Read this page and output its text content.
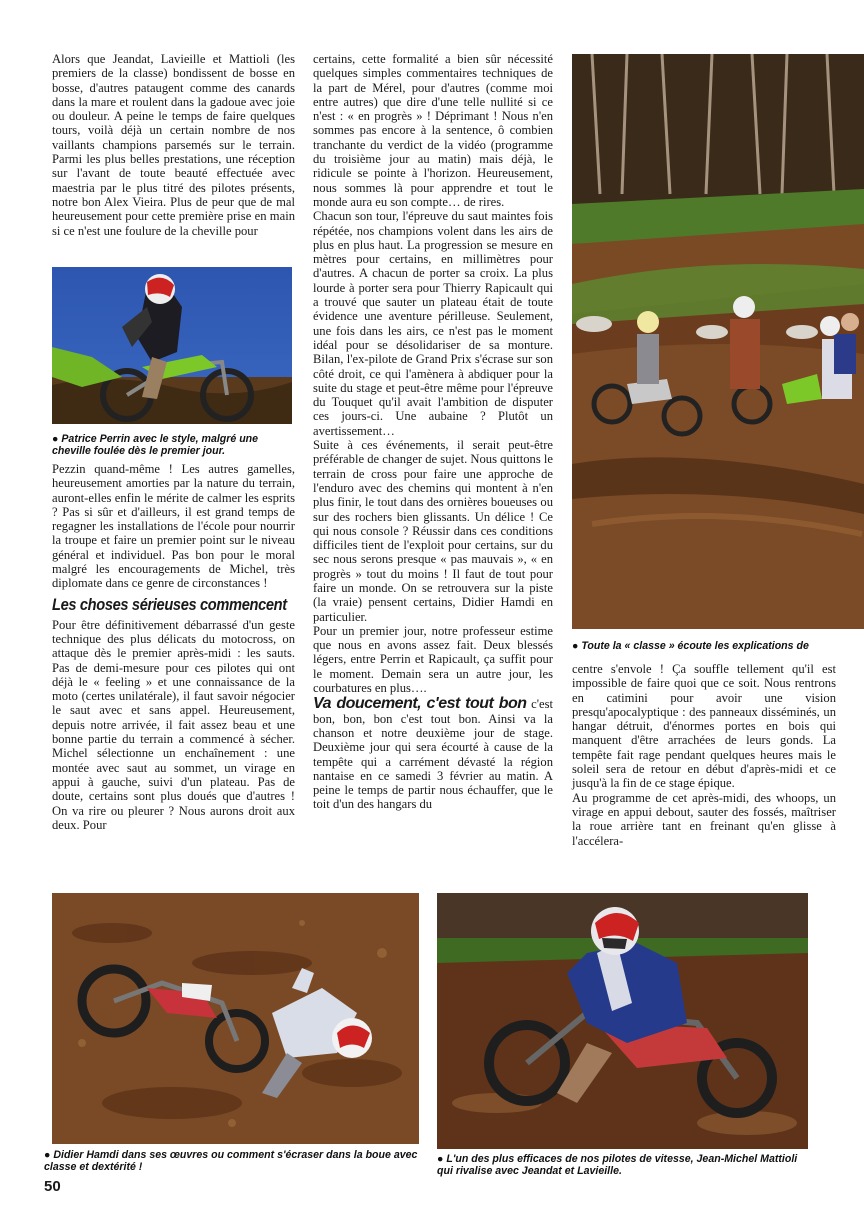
Alors que Jeandat, Lavieille et Mattioli (les premiers de la classe) bondissent de bosse en bosse, d'autres pataugent comme des canards dans la mare et roulent dans la gadoue avec joie ou douleur. A peine le temps de faire quelques tours, voilà déjà un certain nombre de nos vaillants champions parsemés sur le terrain. Parmi les plus belles prestations, une réception sur l'avant de toute beauté effectuée avec maestria par le plus titré des pilotes présents, notre bon Alex Vieira. Plus de peur que de mal heureusement pour cette première prise en main si ce n'est une foulure de la cheville pour

● Patrice Perrin avec le style, malgré une cheville foulée dès le premier jour.

Pezzin quand-même ! Les autres gamelles, heureusement amorties par la nature du terrain, auront-elles enfin le mérite de calmer les esprits ? Pas si sûr et d'ailleurs, il est grand temps de regagner les installations de l'école pour nourrir la troupe et faire un premier point sur le niveau général et individuel. Pas bon pour le moral malgré les encouragements de Michel, très diplomate dans ce genre de circonstances !

Les choses sérieuses commencent

Pour être définitivement débarrassé d'un geste technique des plus délicats du motocross, on attaque dès le premier après-midi : les sauts. Pas de demi-mesure pour ces pilotes qui ont déjà le « feeling » et une connaissance de la moto (certes unilatérale), il faut savoir négocier le saut avec et sans appel. Heureusement, depuis notre arrivée, il fait assez beau et une bonne partie du terrain a commencé à sécher. Michel sélectionne un enchaînement : une montée avec saut au sommet, un virage en appui à gauche, suivi d'un plateau. Pas de doute, certains sont plus doués que d'autres ! On va rire ou pleurer ? Nous aurons droit aux deux. Pour

certains, cette formalité a bien sûr nécessité quelques simples commentaires techniques de la part de Mérel, pour d'autres (comme moi entre autres) que dire d'une telle nullité si ce n'est : « en progrès » ! Déprimant ! Nous n'en sommes pas encore à la sentence, ô combien tranchante du verdict de la vidéo (programme du troisième jour au matin) mais déjà, le ridicule se pointe à l'horizon. Heureusement, nous sommes là pour apprendre et tout le monde aura eu son compte… de rires.

Chacun son tour, l'épreuve du saut maintes fois répétée, nos champions volent dans les airs de plus en plus haut. La progression se mesure en mètres pour certains, en millimètres pour d'autres. A chacun de porter sa croix. La plus lourde à porter sera pour Thierry Rapicault qui a trouvé que sauter un plateau était de toute évidence une aventure périlleuse. Seulement, une fois dans les airs, ce n'est pas le moment idéal pour se désolidariser de sa monture. Bilan, l'ex-pilote de Grand Prix s'écrase sur son côté droit, ce qui l'amènera à abdiquer pour la suite du stage et peut-être même pour l'épreuve du Touquet qu'il avait l'ambition de disputer ces jours-ci. Une aubaine ? Plutôt un avertissement…

Suite à ces événements, il serait peut-être préférable de changer de sujet. Nous quittons le terrain de cross pour faire une approche de l'enduro avec des chemins qui montent à n'en plus finir, le tout dans des ornières boueuses ou sur des rochers bien glissants. Un délice ! Ce qui nous console ? Réussir dans ces conditions difficiles tient de l'exploit pour certains, sur du sec nous serons presque « pas mauvais », « en progrès » tout du moins ! Il faut de tout pour faire un monde. On se retrouvera sur la piste (la vraie) pensent certains, Didier Hamdi en particulier.

Pour un premier jour, notre professeur estime que nous en avons assez fait. Deux blessés légers, entre Perrin et Rapicault, ça suffit pour le moment. Demain sera un autre jour, les courbatures en plus….

Va doucement, c'est tout bon c'est bon, bon, bon c'est tout bon. Ainsi va la chanson et notre deuxième jour de stage. Deuxième jour qui sera écourté à cause de la tempête qui a carrément dévasté la région nantaise en ce samedi 3 février au matin. A peine le temps de partir nous échauffer, que le toit d'un des hangars du

● Toute la « classe » écoute les explications de

centre s'envole ! Ça souffle tellement qu'il est impossible de faire quoi que ce soit. Nous rentrons en catimini pour avoir une vision presqu'apocalyptique : des panneaux disséminés, un hangar détruit, d'énormes portes en bois qui manquent d'être arrachées de leurs gonds. La tempête fait rage pendant quelques heures mais le soleil sera de retour en début d'après-midi et ce jusqu'à la fin de ce stage épique.

Au programme de cet après-midi, des whoops, un virage en appui debout, sauter des fossés, maîtriser la roue arrière tant en freinant qu'en glisse à l'accélera-

● Didier Hamdi dans ses œuvres ou comment s'écraser dans la boue avec classe et dextérité !
● L'un des plus efficaces de nos pilotes de vitesse, Jean-Michel Mattioli qui rivalise avec Jeandat et Lavieille.
50
